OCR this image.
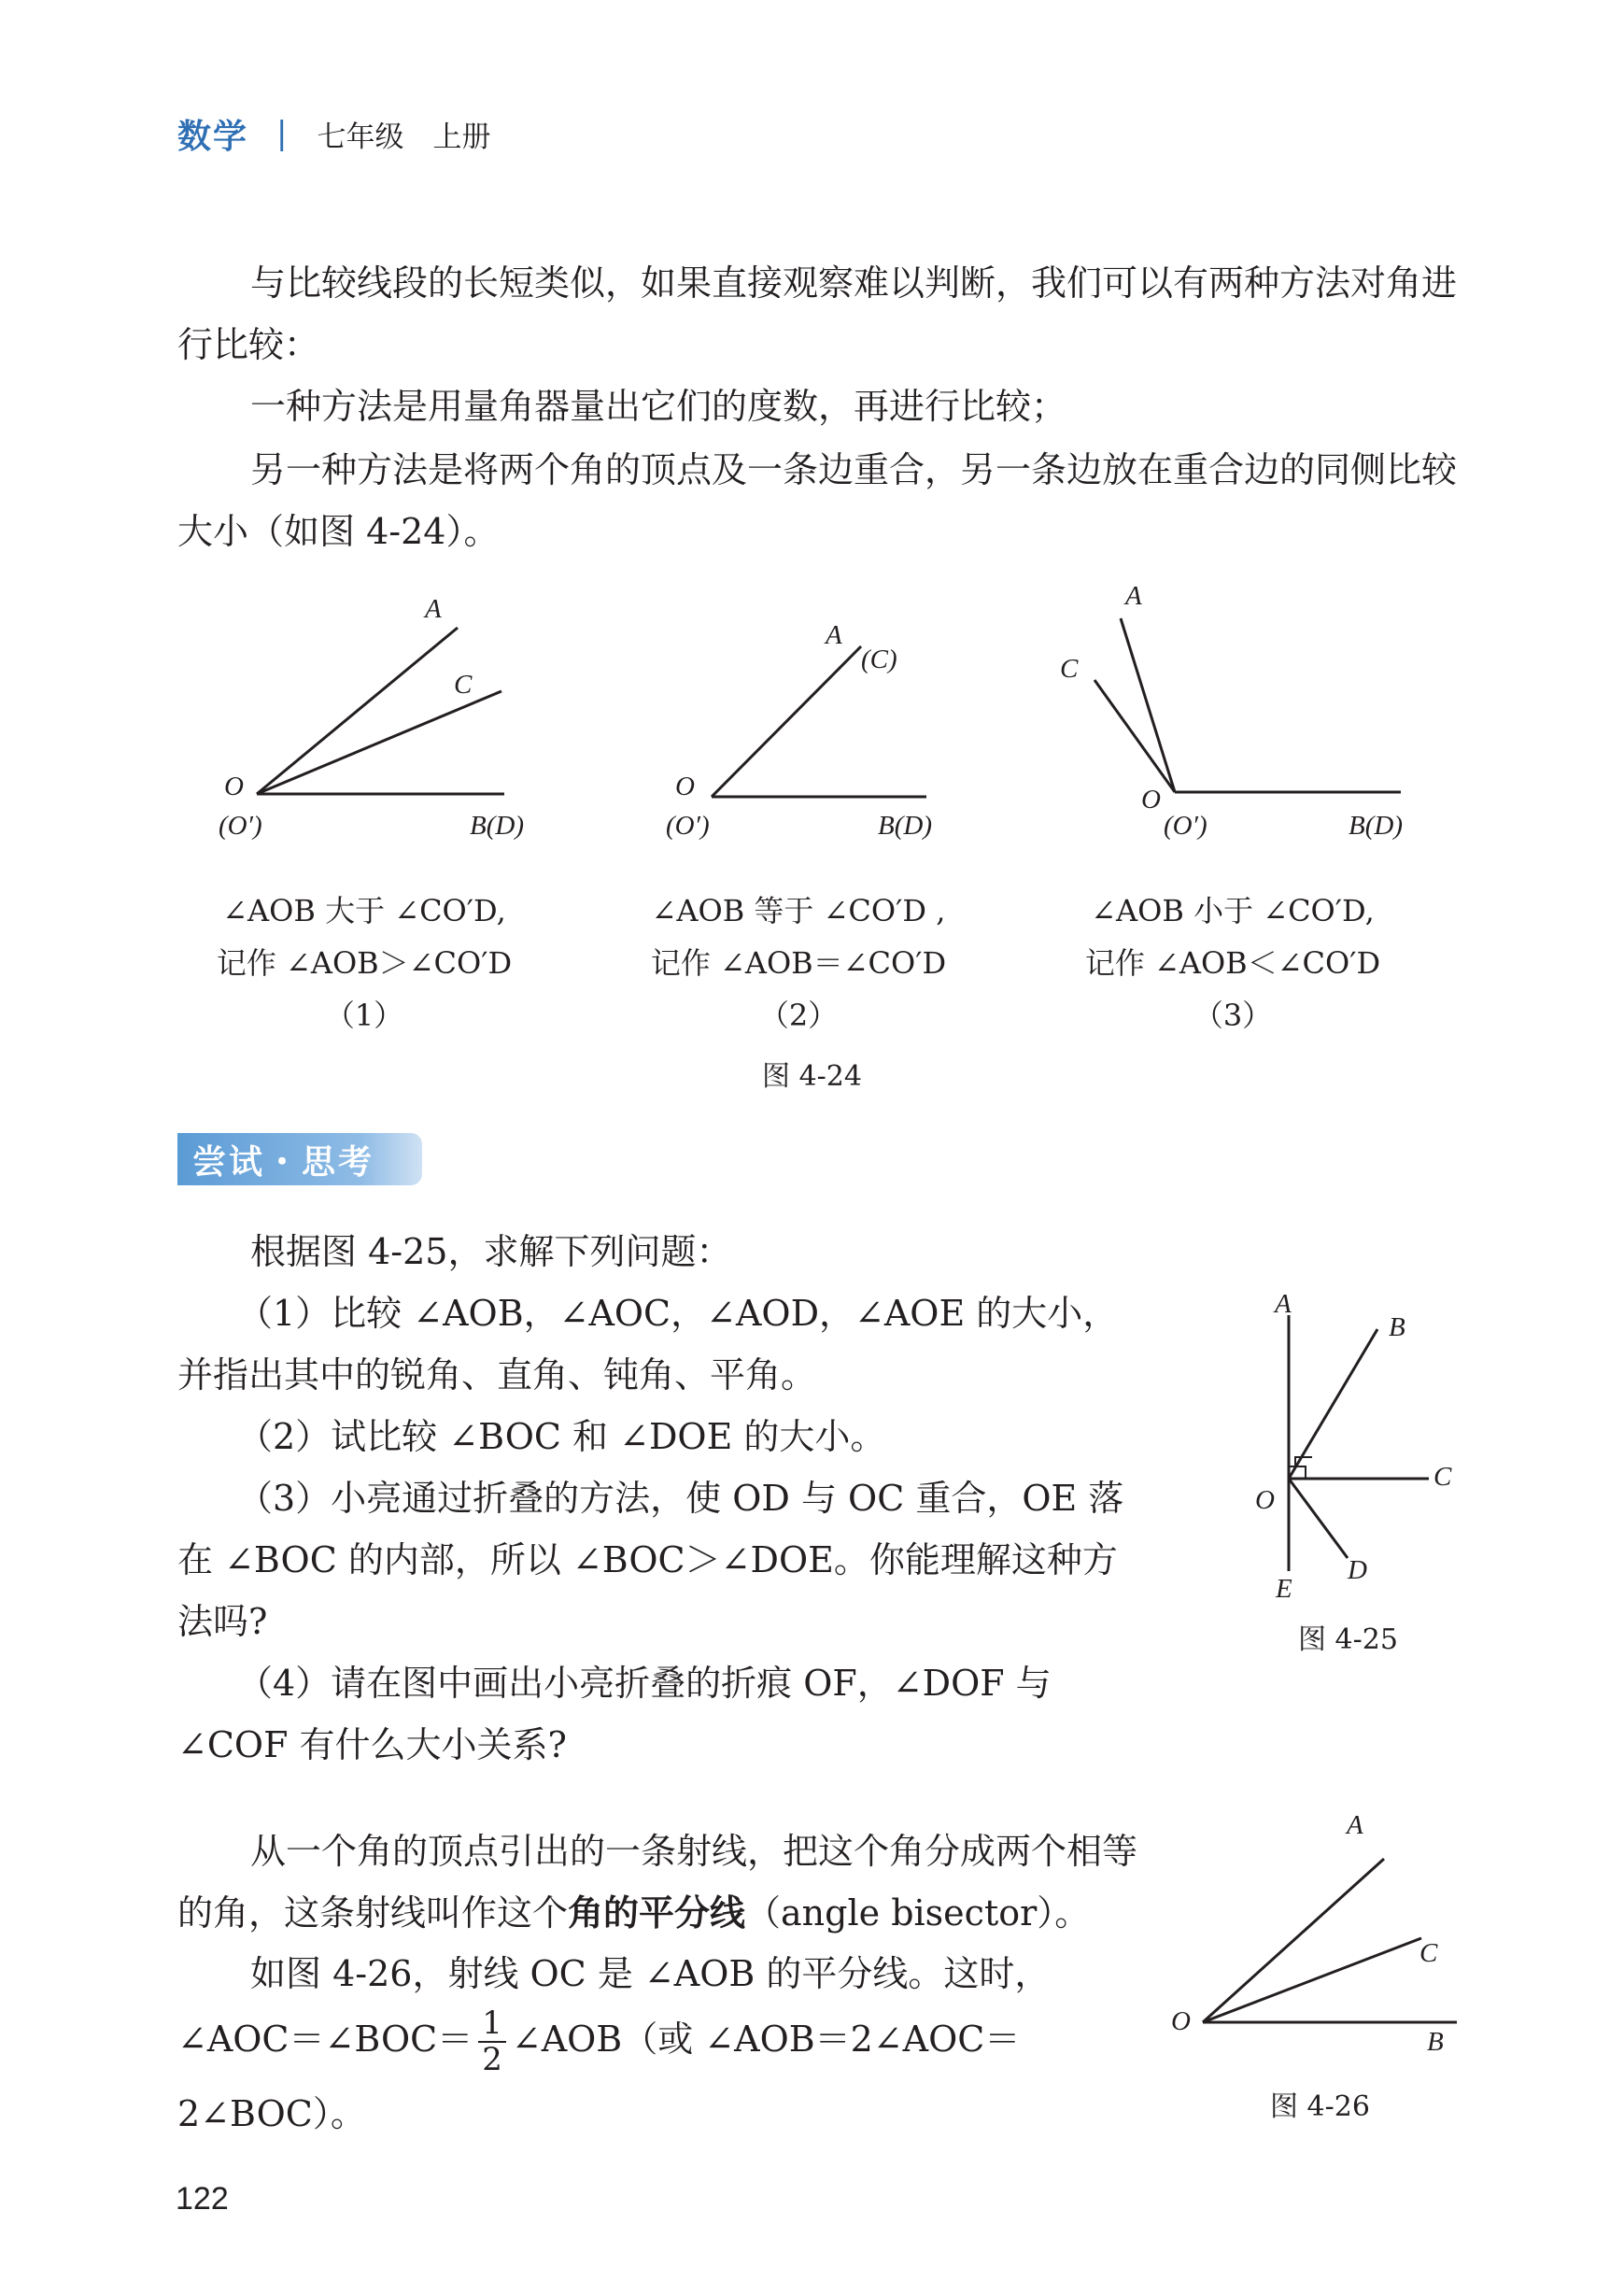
数学 | 七年级　上册
与比较线段的长短类似，如果直接观察难以判断，我们可以有两种方法对角进行比较：
一种方法是用量角器量出它们的度数，再进行比较；
另一种方法是将两个角的顶点及一条边重合，另一条边放在重合边的同侧比较大小（如图 4-24）。
A
C
O
(O′)	B(D)
A
(C)
O
(O′)	B(D)
A
C
O
(O′)	B(D)
∠AOB 大于 ∠CO′D,
记作 ∠AOB＞∠CO′D
（1）
∠AOB 等于 ∠CO′D ,
记作 ∠AOB＝∠CO′D
（2）
∠AOB 小于 ∠CO′D,
记作 ∠AOB＜∠CO′D
（3）
图 4-24
尝试・思考
根据图 4-25，求解下列问题：
（1）比较 ∠AOB，∠AOC，∠AOD，∠AOE 的大小，并指出其中的锐角、直角、钝角、平角。
（2）试比较 ∠BOC 和 ∠DOE 的大小。
（3）小亮通过折叠的方法，使 OD 与 OC 重合，OE 落在 ∠BOC 的内部，所以 ∠BOC＞∠DOE。你能理解这种方法吗?
（4）请在图中画出小亮折叠的折痕 OF，∠DOF 与 ∠COF 有什么大小关系?
A
B
C
O
D
E
图 4-25
从一个角的顶点引出的一条射线，把这个角分成两个相等的角，这条射线叫作这个角的平分线（angle bisector）。
如图 4-26，射线 OC 是 ∠AOB 的平分线。这时，
∠AOC＝∠BOC＝ $\frac{1}{2}$ ∠AOB（或 ∠AOB＝2∠AOC＝
2∠BOC）。
A
C
O
B
图 4-26
122
